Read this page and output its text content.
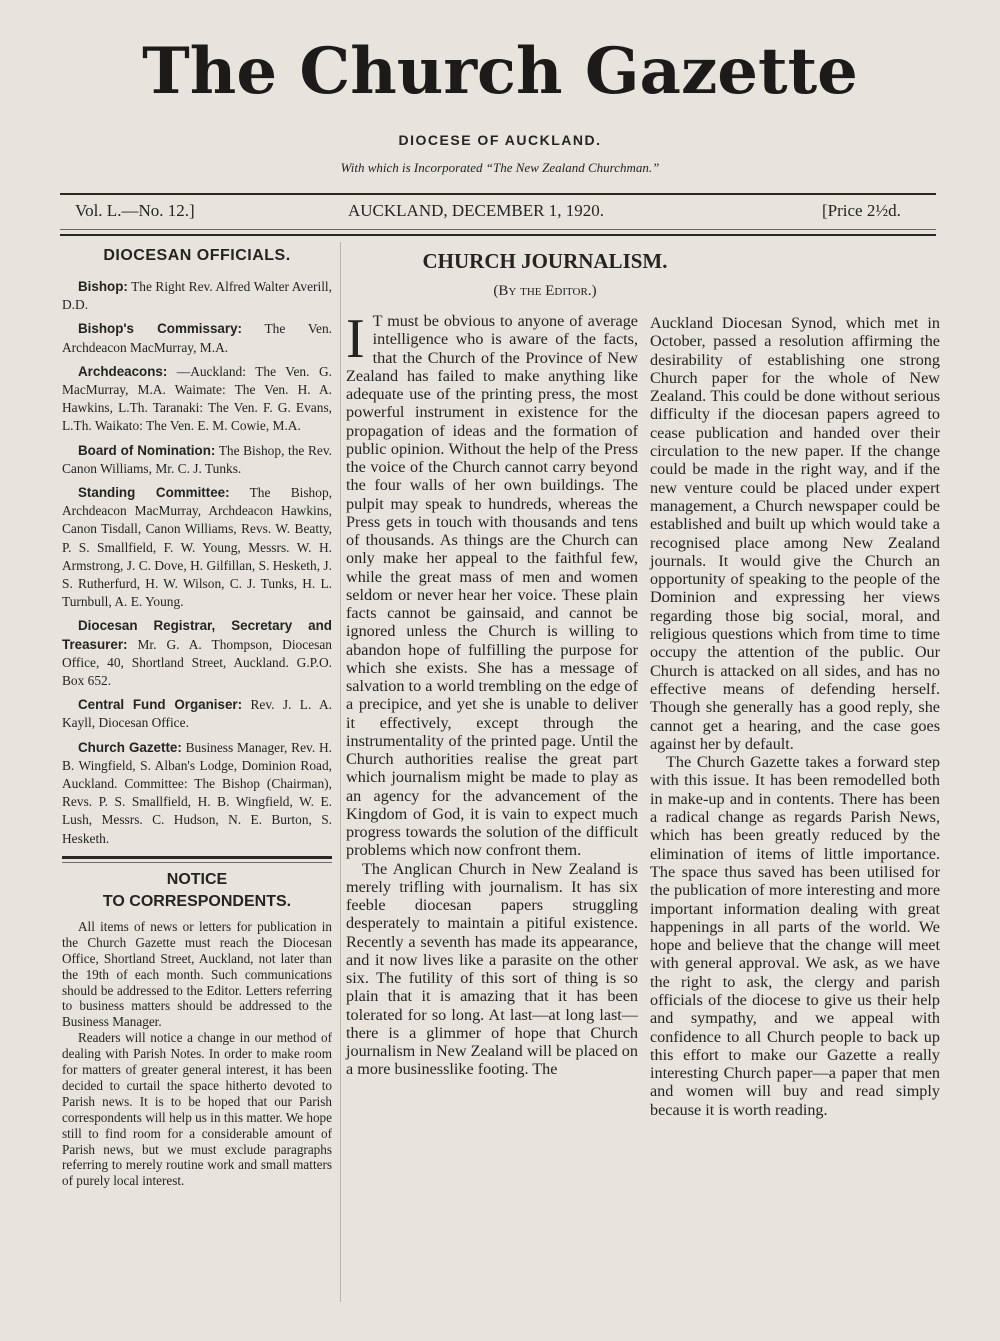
The Church Gazette
DIOCESE OF AUCKLAND.
With which is Incorporated “The New Zealand Churchman.”
Vol. L.—No. 12.]	AUCKLAND, DECEMBER 1, 1920.	[Price 2½d.
DIOCESAN OFFICIALS.

Bishop: The Right Rev. Alfred Walter Averill, D.D.

Bishop's Commissary: The Ven. Archdeacon MacMurray, M.A.

Archdeacons: —Auckland: The Ven. G. MacMurray, M.A. Waimate: The Ven. H. A. Hawkins, L.Th. Taranaki: The Ven. F. G. Evans, L.Th. Waikato: The Ven. E. M. Cowie, M.A.

Board of Nomination: The Bishop, the Rev. Canon Williams, Mr. C. J. Tunks.

Standing Committee: The Bishop, Archdeacon MacMurray, Archdeacon Hawkins, Canon Tisdall, Canon Williams, Revs. W. Beatty, P. S. Smallfield, F. W. Young, Messrs. W. H. Armstrong, J. C. Dove, H. Gilfillan, S. Hesketh, J. S. Rutherfurd, H. W. Wilson, C. J. Tunks, H. L. Turnbull, A. E. Young.

Diocesan Registrar, Secretary and Treasurer: Mr. G. A. Thompson, Diocesan Office, 40, Shortland Street, Auckland. G.P.O. Box 652.

Central Fund Organiser: Rev. J. L. A. Kayll, Diocesan Office.

Church Gazette: Business Manager, Rev. H. B. Wingfield, S. Alban's Lodge, Dominion Road, Auckland. Committee: The Bishop (Chairman), Revs. P. S. Smallfield, H. B. Wingfield, W. E. Lush, Messrs. C. Hudson, N. E. Burton, S. Hesketh.

NOTICE
TO CORRESPONDENTS.

All items of news or letters for publication in the Church Gazette must reach the Diocesan Office, Shortland Street, Auckland, not later than the 19th of each month. Such communications should be addressed to the Editor. Letters referring to business matters should be addressed to the Business Manager.

Readers will notice a change in our method of dealing with Parish Notes. In order to make room for matters of greater general interest, it has been decided to curtail the space hitherto devoted to Parish news. It is to be hoped that our Parish correspondents will help us in this matter. We hope still to find room for a considerable amount of Parish news, but we must exclude paragraphs referring to merely routine work and small matters of purely local interest.

CHURCH JOURNALISM.
(By the Editor.)

I T must be obvious to anyone of average intelligence who is aware of the facts, that the Church of the Province of New Zealand has failed to make anything like adequate use of the printing press, the most powerful instrument in existence for the propagation of ideas and the formation of public opinion. Without the help of the Press the voice of the Church cannot carry beyond the four walls of her own buildings. The pulpit may speak to hundreds, whereas the Press gets in touch with thousands and tens of thousands. As things are the Church can only make her appeal to the faithful few, while the great mass of men and women seldom or never hear her voice. These plain facts cannot be gainsaid, and cannot be ignored unless the Church is willing to abandon hope of fulfilling the purpose for which she exists. She has a message of salvation to a world trembling on the edge of a precipice, and yet she is unable to deliver it effectively, except through the instrumentality of the printed page. Until the Church authorities realise the great part which journalism might be made to play as an agency for the advancement of the Kingdom of God, it is vain to expect much progress towards the solution of the difficult problems which now confront them.

The Anglican Church in New Zealand is merely trifling with journalism. It has six feeble diocesan papers struggling desperately to maintain a pitiful existence. Recently a seventh has made its appearance, and it now lives like a parasite on the other six. The futility of this sort of thing is so plain that it is amazing that it has been tolerated for so long. At last—at long last—there is a glimmer of hope that Church journalism in New Zealand will be placed on a more businesslike footing. The

Auckland Diocesan Synod, which met in October, passed a resolution affirming the desirability of establishing one strong Church paper for the whole of New Zealand. This could be done without serious difficulty if the diocesan papers agreed to cease publication and handed over their circulation to the new paper. If the change could be made in the right way, and if the new venture could be placed under expert management, a Church newspaper could be established and built up which would take a recognised place among New Zealand journals. It would give the Church an opportunity of speaking to the people of the Dominion and expressing her views regarding those big social, moral, and religious questions which from time to time occupy the attention of the public. Our Church is attacked on all sides, and has no effective means of defending herself. Though she generally has a good reply, she cannot get a hearing, and the case goes against her by default.

The Church Gazette takes a forward step with this issue. It has been remodelled both in make-up and in contents. There has been a radical change as regards Parish News, which has been greatly reduced by the elimination of items of little importance. The space thus saved has been utilised for the publication of more interesting and more important information dealing with great happenings in all parts of the world. We hope and believe that the change will meet with general approval. We ask, as we have the right to ask, the clergy and parish officials of the diocese to give us their help and sympathy, and we appeal with confidence to all Church people to back up this effort to make our Gazette a really interesting Church paper—a paper that men and women will buy and read simply because it is worth reading.
